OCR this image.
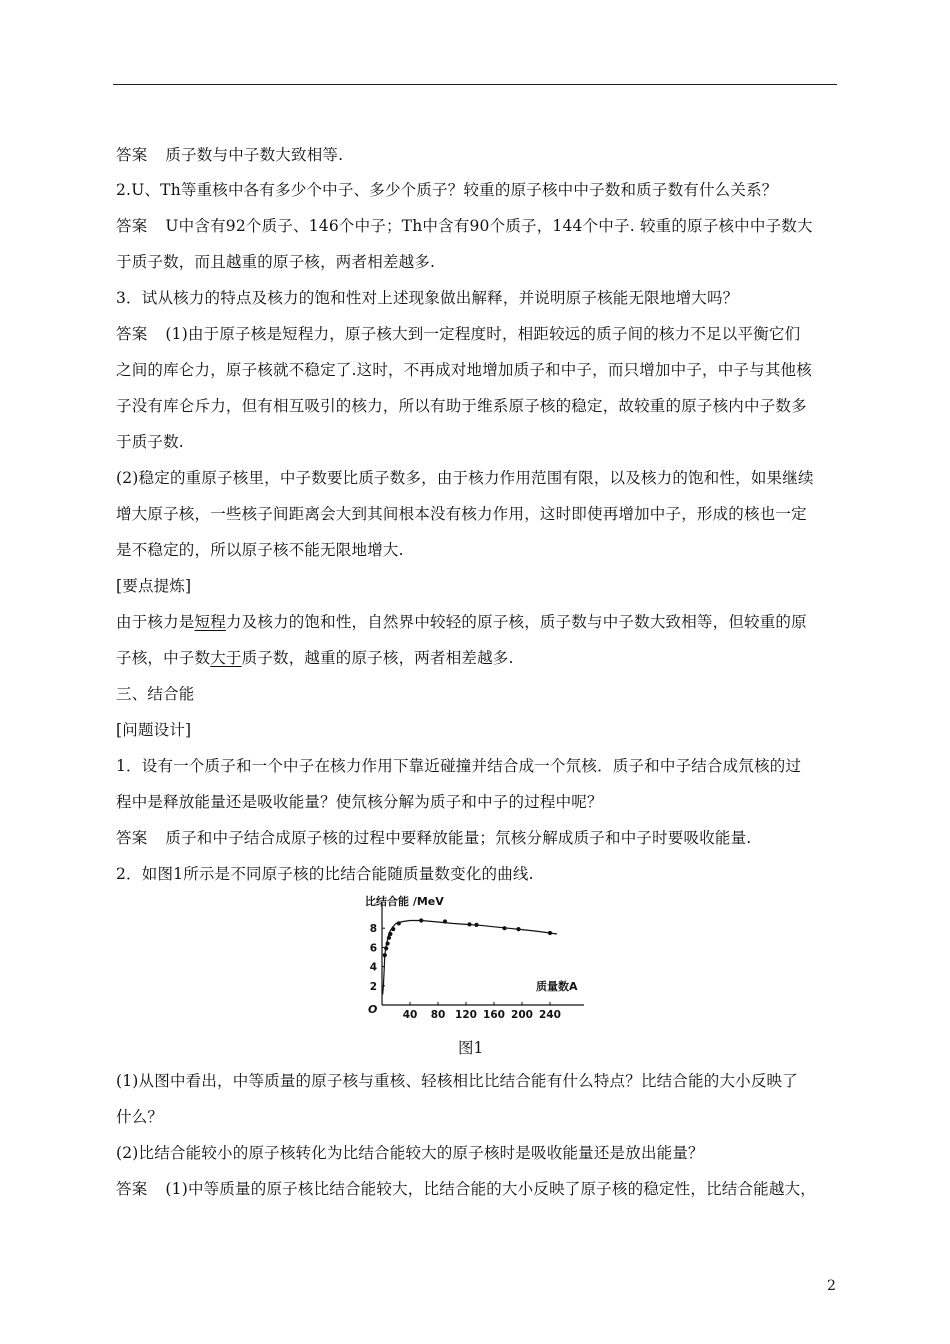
答案 质子数与中子数大致相等.
2.U、Th等重核中各有多少个中子、多少个质子？较重的原子核中中子数和质子数有什么关系？
答案 U中含有92个质子、146个中子；Th中含有90个质子，144个中子. 较重的原子核中中子数大
于质子数，而且越重的原子核，两者相差越多.
3．试从核力的特点及核力的饱和性对上述现象做出解释，并说明原子核能无限地增大吗？
答案 (1)由于原子核是短程力，原子核大到一定程度时，相距较远的质子间的核力不足以平衡它们
之间的库仑力，原子核就不稳定了.这时，不再成对地增加质子和中子，而只增加中子，中子与其他核
子没有库仑斥力，但有相互吸引的核力，所以有助于维系原子核的稳定，故较重的原子核内中子数多
于质子数.
(2)稳定的重原子核里，中子数要比质子数多，由于核力作用范围有限，以及核力的饱和性，如果继续
增大原子核，一些核子间距离会大到其间根本没有核力作用，这时即使再增加中子，形成的核也一定
是不稳定的，所以原子核不能无限地增大.
[要点提炼]
由于核力是短程力及核力的饱和性，自然界中较轻的原子核，质子数与中子数大致相等，但较重的原
子核，中子数大于质子数，越重的原子核，两者相差越多.
三、结合能
[问题设计]
1．设有一个质子和一个中子在核力作用下靠近碰撞并结合成一个氘核．质子和中子结合成氘核的过
程中是释放能量还是吸收能量？使氘核分解为质子和中子的过程中呢？
答案 质子和中子结合成原子核的过程中要释放能量；氘核分解成质子和中子时要吸收能量.
2．如图1所示是不同原子核的比结合能随质量数变化的曲线.
比结合能 /MeV
质量数A
O 40 80 120 160 200 240
2
4
6
8
图1
(1)从图中看出，中等质量的原子核与重核、轻核相比比结合能有什么特点？比结合能的大小反映了
什么？
(2)比结合能较小的原子核转化为比结合能较大的原子核时是吸收能量还是放出能量？
答案 (1)中等质量的原子核比结合能较大，比结合能的大小反映了原子核的稳定性，比结合能越大，
2
